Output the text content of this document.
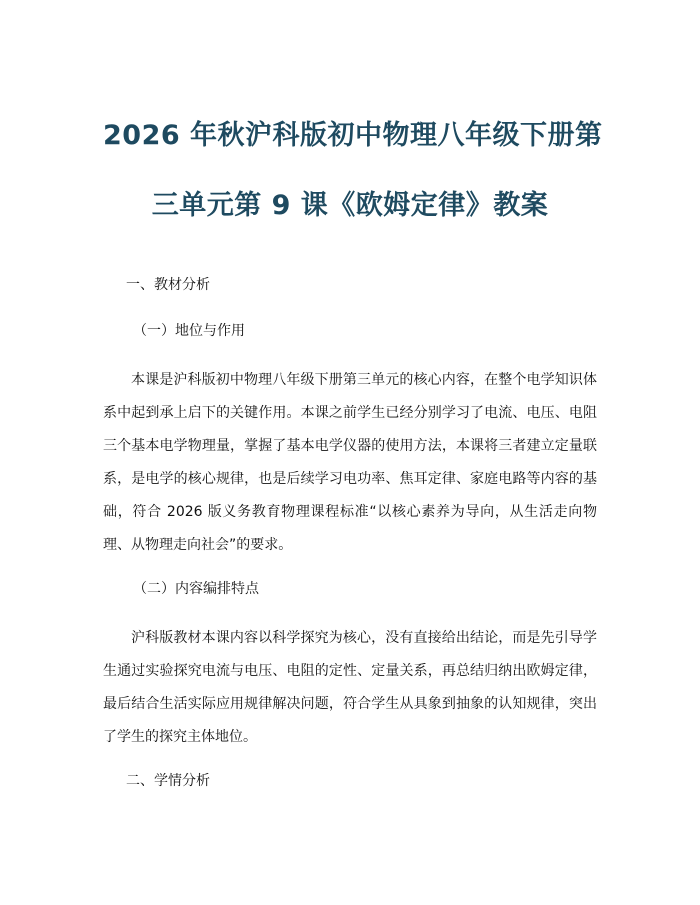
2026 年秋沪科版初中物理八年级下册第
三单元第 9 课《欧姆定律》教案

一、教材分析

（一）地位与作用

本课是沪科版初中物理八年级下册第三单元的核心内容，在整个电学知识体系中起到承上启下的关键作用。本课之前学生已经分别学习了电流、电压、电阻三个基本电学物理量，掌握了基本电学仪器的使用方法，本课将三者建立定量联系，是电学的核心规律，也是后续学习电功率、焦耳定律、家庭电路等内容的基础，符合 2026 版义务教育物理课程标准“以核心素养为导向，从生活走向物理、从物理走向社会”的要求。

（二）内容编排特点

沪科版教材本课内容以科学探究为核心，没有直接给出结论，而是先引导学生通过实验探究电流与电压、电阻的定性、定量关系，再总结归纳出欧姆定律，最后结合生活实际应用规律解决问题，符合学生从具象到抽象的认知规律，突出了学生的探究主体地位。

二、学情分析
